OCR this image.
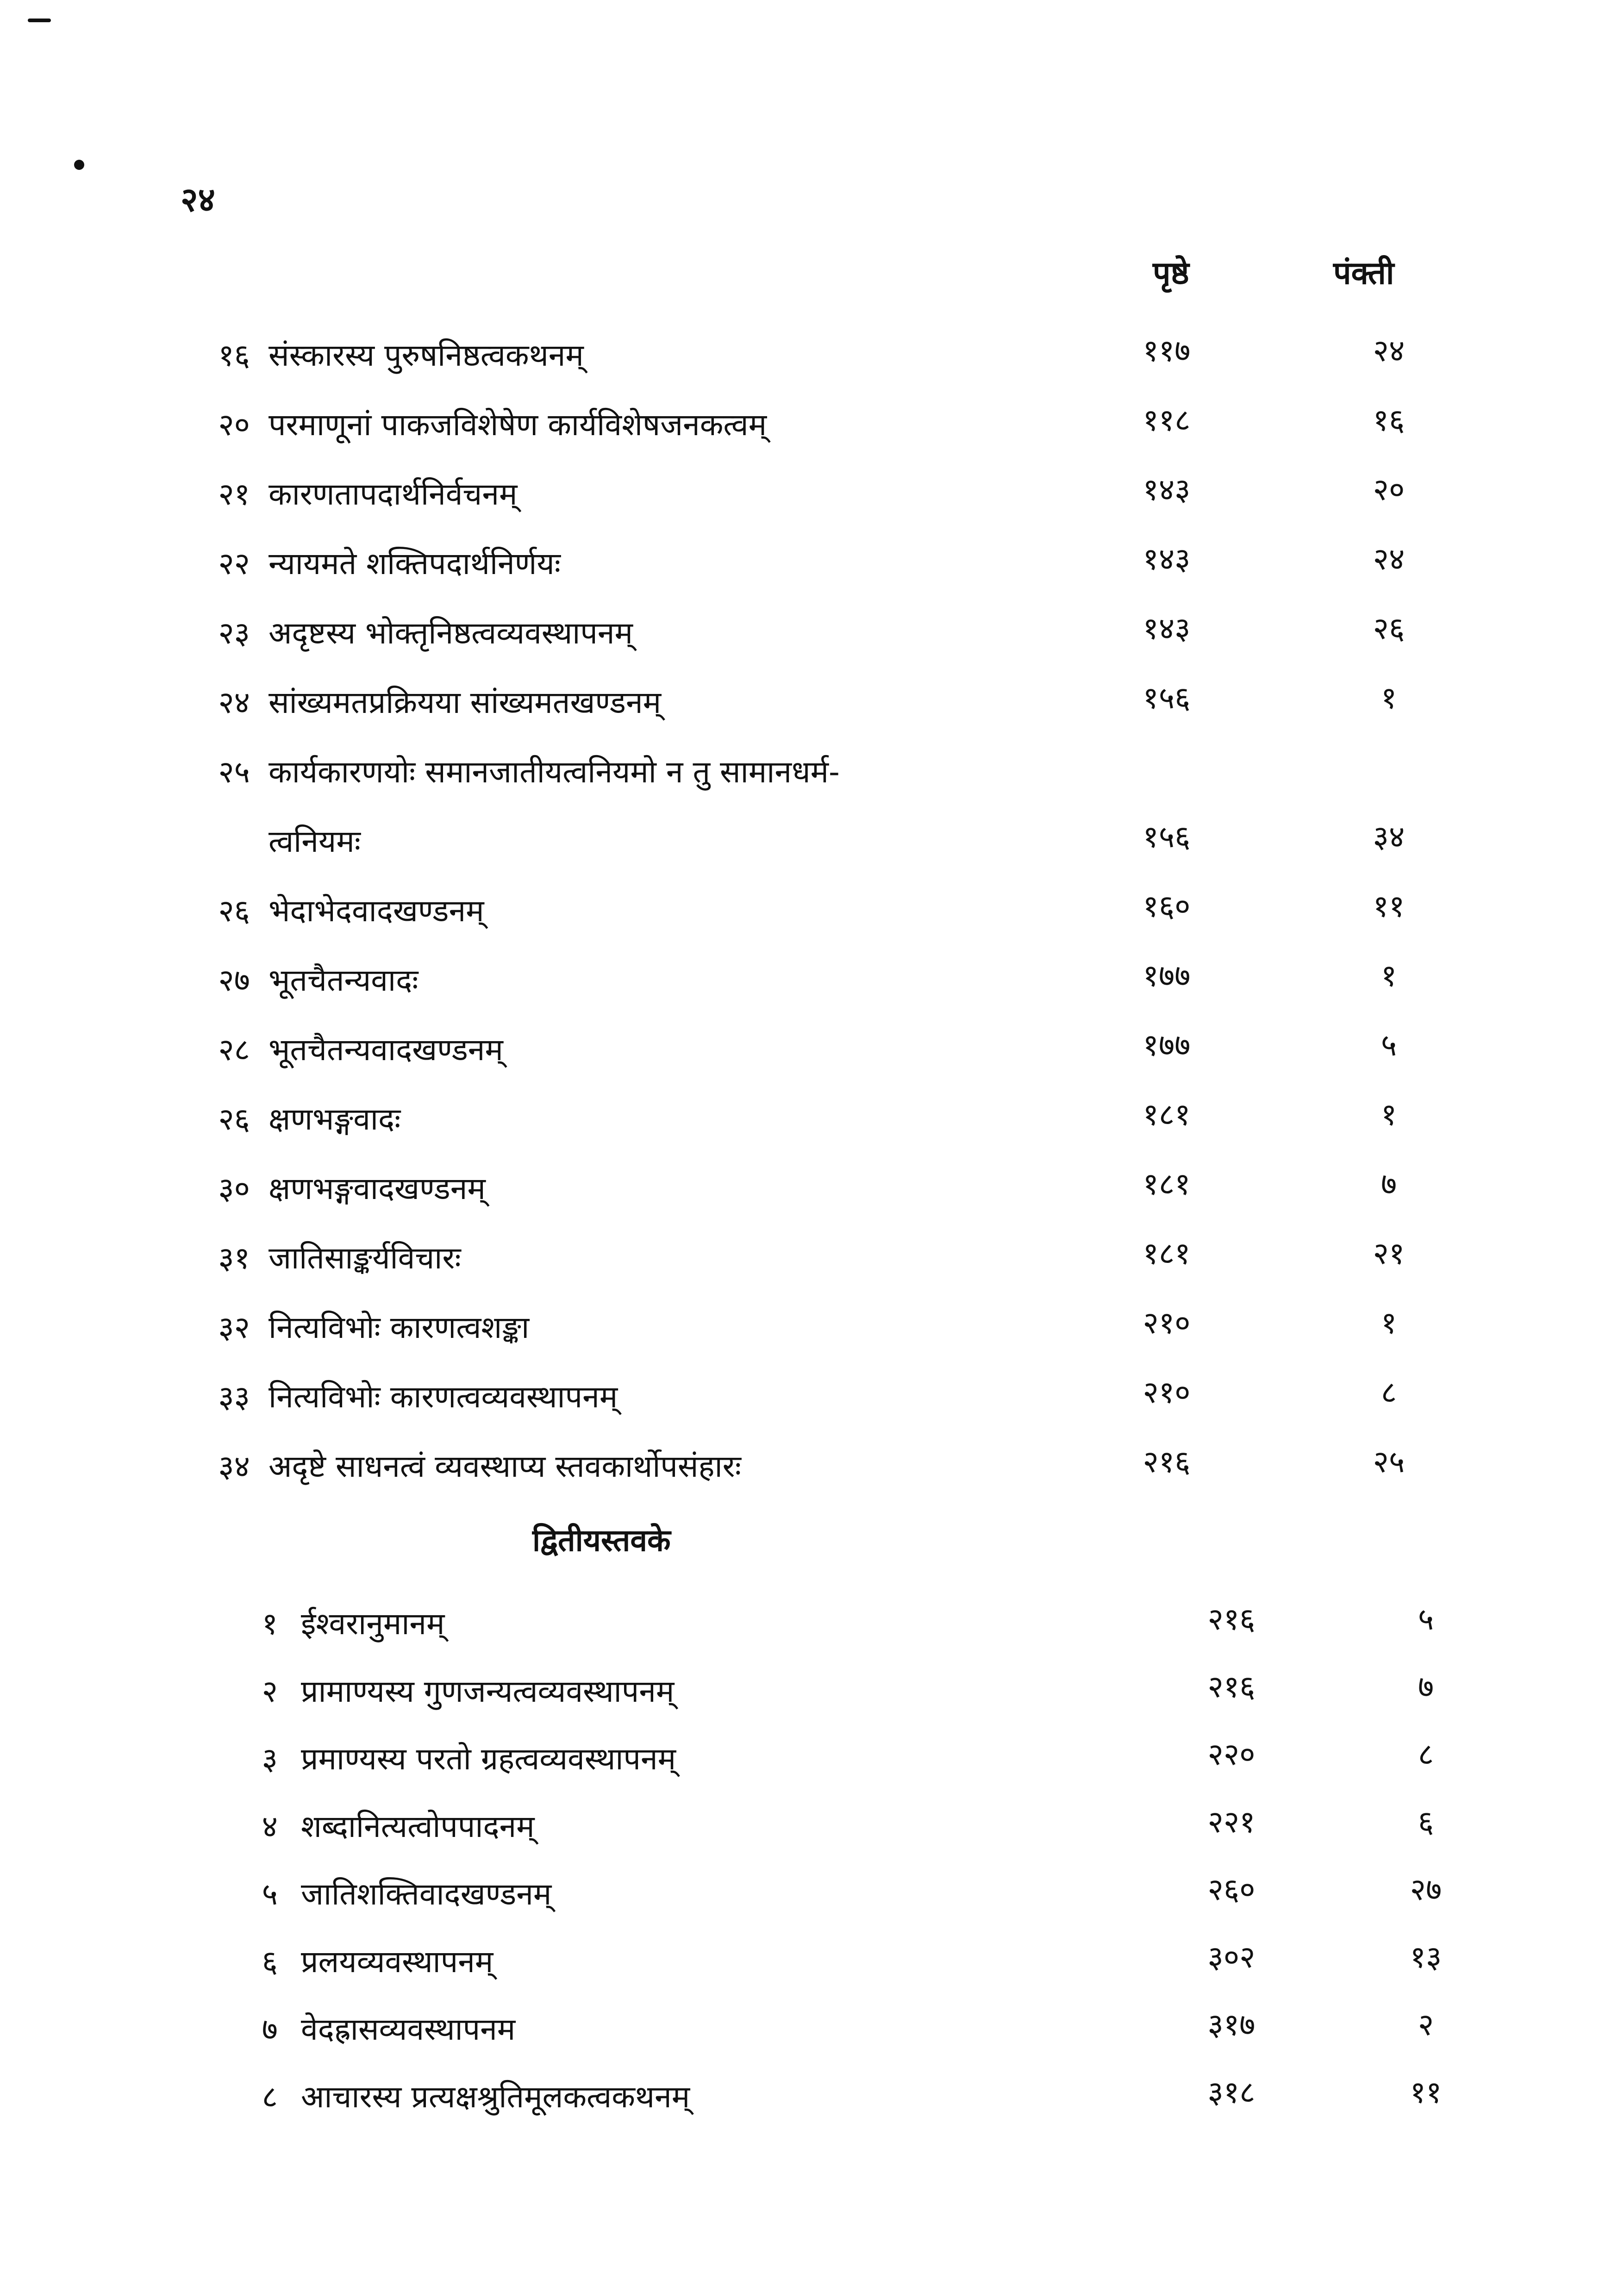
२४
पृष्ठे	पंक्ती
१६ संस्कारस्य पुरुषनिष्ठत्वकथनम्	११७	२४
२० परमाणूनां पाकजविशेषेण कार्यविशेषजनकत्वम्	११८	१६
२१ कारणतापदार्थनिर्वचनम्	१४३	२०
२२ न्यायमते शक्तिपदार्थनिर्णयः	१४३	२४
२३ अदृष्टस्य भोक्तृनिष्ठत्वव्यवस्थापनम्	१४३	२६
२४ सांख्यमतप्रक्रियया सांख्यमतखण्डनम्	१५६	१
२५ कार्यकारणयोः समानजातीयत्वनियमो न तु सामानधर्म-
त्वनियमः	१५६	३४
२६ भेदाभेदवादखण्डनम्	१६०	११
२७ भूतचैतन्यवादः	१७७	१
२८ भूतचैतन्यवादखण्डनम्	१७७	५
२६ क्षणभङ्गवादः	१८१	१
३० क्षणभङ्गवादखण्डनम्	१८१	७
३१ जातिसाङ्कर्यविचारः	१८१	२१
३२ नित्यविभोः कारणत्वशङ्का	२१०	१
३३ नित्यविभोः कारणत्वव्यवस्थापनम्	२१०	८
३४ अदृष्टे साधनत्वं व्यवस्थाप्य स्तवकार्थोपसंहारः	२१६	२५
द्वितीयस्तवके
१ ईश्वरानुमानम्	२१६	५
२ प्रामाण्यस्य गुणजन्यत्वव्यवस्थापनम्	२१६	७
३ प्रमाण्यस्य परतो ग्रहत्वव्यवस्थापनम्	२२०	८
४ शब्दानित्यत्वोपपादनम्	२२१	६
५ जातिशक्तिवादखण्डनम्	२६०	२७
६ प्रलयव्यवस्थापनम्	३०२	१३
७ वेदह्रासव्यवस्थापनम	३१७	२
८ आचारस्य प्रत्यक्षश्रुतिमूलकत्वकथनम्	३१८	११
